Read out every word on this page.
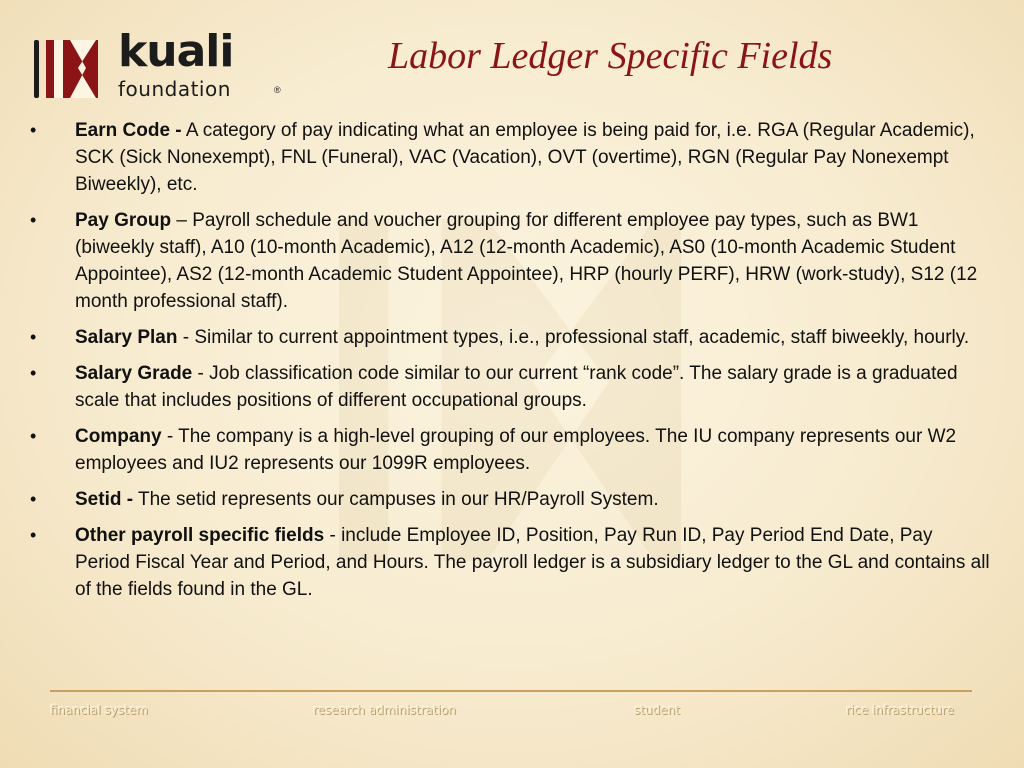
kuali
foundation	®
Labor Ledger Specific Fields
•	Earn Code - A category of pay indicating what an employee is being paid for, i.e. RGA (Regular Academic), SCK (Sick Nonexempt), FNL (Funeral), VAC (Vacation), OVT (overtime), RGN (Regular Pay Nonexempt Biweekly), etc.
•	Pay Group – Payroll schedule and voucher grouping for different employee pay types, such as BW1 (biweekly staff), A10 (10-month Academic), A12 (12-month Academic), AS0 (10-month Academic Student Appointee), AS2 (12-month Academic Student Appointee), HRP (hourly PERF), HRW (work-study), S12 (12 month professional staff).
•	Salary Plan - Similar to current appointment types, i.e., professional staff, academic, staff biweekly, hourly.
•	Salary Grade - Job classification code similar to our current “rank code”. The salary grade is a graduated scale that includes positions of different occupational groups.
•	Company - The company is a high-level grouping of our employees. The IU company represents our W2 employees and IU2 represents our 1099R employees.
•	Setid - The setid represents our campuses in our HR/Payroll System.
•	Other payroll specific fields - include Employee ID, Position, Pay Run ID, Pay Period End Date, Pay Period Fiscal Year and Period, and Hours. The payroll ledger is a subsidiary ledger to the GL and contains all of the fields found in the GL.
financial system	research administration	student	rice infrastructure
